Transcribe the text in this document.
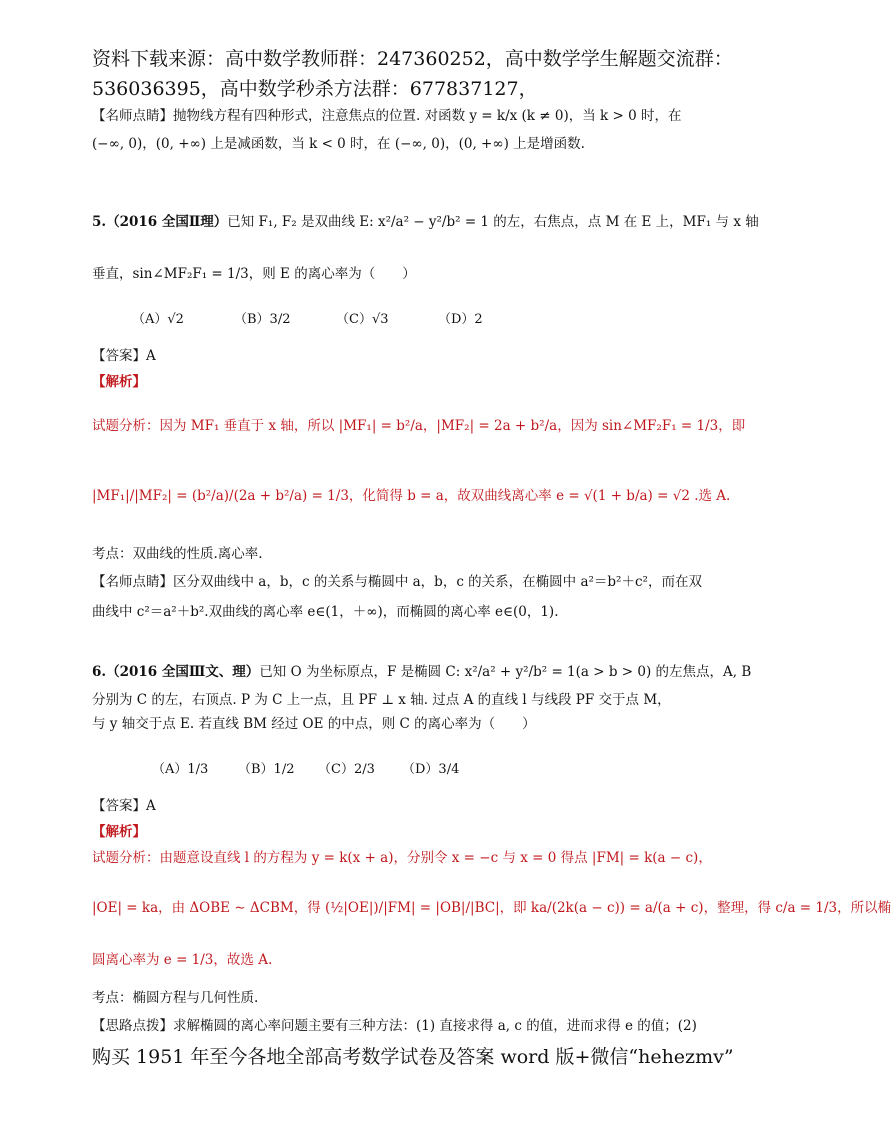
资料下载来源：高中数学教师群：247360252，高中数学学生解题交流群：
536036395，高中数学秒杀方法群：677837127，
【名师点睛】抛物线方程有四种形式，注意焦点的位置. 对函数 y = k/x (k ≠ 0)，当 k > 0 时，在
(−∞, 0)，(0, +∞) 上是减函数，当 k < 0 时，在 (−∞, 0)，(0, +∞) 上是增函数.
5.（2016 全国Ⅱ理）已知 F₁, F₂ 是双曲线 E: x²/a² − y²/b² = 1 的左，右焦点，点 M 在 E 上，MF₁ 与 x 轴
垂直，sin∠MF₂F₁ = 1/3，则 E 的离心率为（　　）
（A）√2	（B）3/2	（C）√3	（D）2
【答案】A
【解析】
试题分析：因为 MF₁ 垂直于 x 轴，所以 |MF₁| = b²/a，|MF₂| = 2a + b²/a，因为 sin∠MF₂F₁ = 1/3，即
|MF₁|/|MF₂| = (b²/a)/(2a + b²/a) = 1/3，化简得 b = a，故双曲线离心率 e = √(1 + b/a) = √2 .选 A.
考点：双曲线的性质.离心率.
【名师点睛】区分双曲线中 a，b，c 的关系与椭圆中 a，b，c 的关系，在椭圆中 a²＝b²＋c²，而在双
曲线中 c²＝a²＋b².双曲线的离心率 e∈(1，＋∞)，而椭圆的离心率 e∈(0，1).
6.（2016 全国Ⅲ文、理）已知 O 为坐标原点，F 是椭圆 C: x²/a² + y²/b² = 1(a > b > 0) 的左焦点，A, B
分别为 C 的左，右顶点. P 为 C 上一点，且 PF ⊥ x 轴. 过点 A 的直线 l 与线段 PF 交于点 M，
与 y 轴交于点 E. 若直线 BM 经过 OE 的中点，则 C 的离心率为（　　）
（A）1/3 （B）1/2 （C）2/3 （D）3/4
【答案】A
【解析】
试题分析：由题意设直线 l 的方程为 y = k(x + a)，分别令 x = −c 与 x = 0 得点 |FM| = k(a − c)，
|OE| = ka，由 ΔOBE ∼ ΔCBM，得 (½|OE|)/|FM| = |OB|/|BC|，即 ka/(2k(a − c)) = a/(a + c)，整理，得 c/a = 1/3，所以椭
圆离心率为 e = 1/3，故选 A.
考点：椭圆方程与几何性质.
【思路点拨】求解椭圆的离心率问题主要有三种方法：(1) 直接求得 a, c 的值，进而求得 e 的值；(2)
购买 1951 年至今各地全部高考数学试卷及答案 word 版+微信“hehezmv”
